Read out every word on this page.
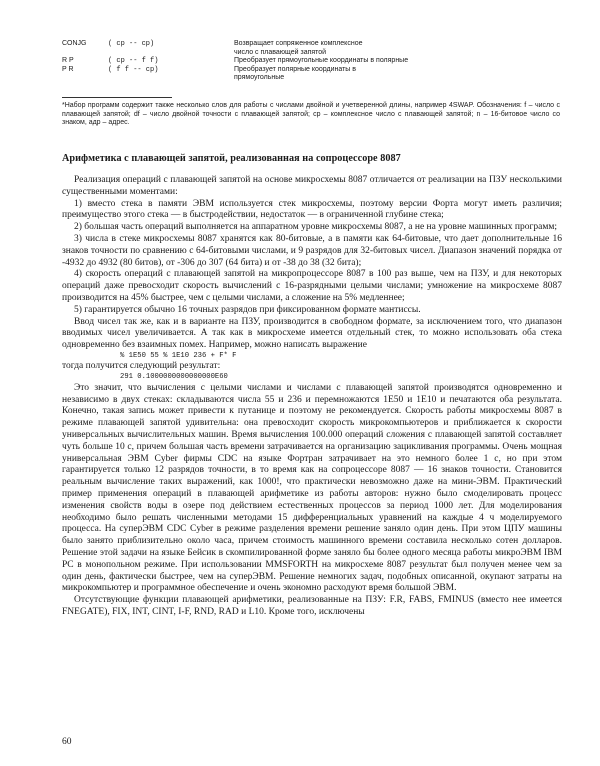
CONJG	( cp -- cp)	Возвращает сопряженное комплексное
число с плавающей запятой
R P	( cp -- f f)	Преобразует прямоугольные координаты в полярные
P R	( f f -- cp)	Преобразует полярные координаты в
прямоугольные
*Набор программ содержит также несколько слов для работы с числами двойной и учетверенной длины, например 4SWAP. Обозначения: f – число с плавающей запятой; df – число двойной точности с плавающей запятой; cp – комплексное число с плавающей запятой; n – 16-битовое число со знаком, адр – адрес.
Арифметика с плавающей запятой, реализованная на сопроцессоре 8087

Реализация операций с плавающей запятой на основе микросхемы 8087 отличается от реализации на ПЗУ несколькими существенными моментами:

1) вместо стека в памяти ЭВМ используется стек микросхемы, поэтому версии Форта могут иметь различия; преимущество этого стека — в быстродействии, недостаток — в ограниченной глубине стека;

2) большая часть операций выполняется на аппаратном уровне микросхемы 8087, а не на уровне машинных программ;

3) числа в стеке микросхемы 8087 хранятся как 80-битовые, а в памяти как 64-битовые, что дает дополнительные 16 знаков точности по сравнению с 64-битовыми числами, и 9 разрядов для 32-битовых чисел. Диапазон значений порядка от -4932 до 4932 (80 битов), от -306 до 307 (64 бита) и от -38 до 38 (32 бита);

4) скорость операций с плавающей запятой на микропроцессоре 8087 в 100 раз выше, чем на ПЗУ, и для некоторых операций даже превосходит скорость вычислений с 16-разрядными целыми числами; умножение на микросхеме 8087 производится на 45% быстрее, чем с целыми числами, а сложение на 5% медленнее;

5) гарантируется обычно 16 точных разрядов при фиксированном формате мантиссы.

Ввод чисел так же, как и в варианте на ПЗУ, производится в свободном формате, за исключением того, что диапазон вводимых чисел увеличивается. А так как в микросхеме имеется отдельный стек, то можно использовать оба стека одновременно без взаимных помех. Например, можно написать выражение

% 1E50 55 % 1E10 236 + F* F

тогда получится следующий результат:

291 0.1000000000000000E60

Это значит, что вычисления с целыми числами и числами с плавающей запятой производятся одновременно и независимо в двух стеках: складываются числа 55 и 236 и перемножаются 1E50 и 1E10 и печатаются оба результата. Конечно, такая запись может привести к путанице и поэтому не рекомендуется. Скорость работы микросхемы 8087 в режиме плавающей запятой удивительна: она превосходит скорость микрокомпьютеров и приближается к скорости универсальных вычислительных машин. Время вычисления 100.000 операций сложения с плавающей запятой составляет чуть больше 10 с, причем большая часть времени затрачивается на организацию зацикливания программы. Очень мощная универсальная ЭВМ Cyber фирмы CDC на языке Фортран затрачивает на это немного более 1 с, но при этом гарантируется только 12 разрядов точности, в то время как на сопроцессоре 8087 — 16 знаков точности. Становится реальным вычисление таких выражений, как 1000!, что практически невозможно даже на мини-ЭВМ. Практический пример применения операций в плавающей арифметике из работы авторов: нужно было смоделировать процесс изменения свойств воды в озере под действием естественных процессов за период 1000 лет. Для моделирования необходимо было решать численными методами 15 дифференциальных уравнений на каждые 4 ч моделируемого процесса. На суперЭВМ CDC Cyber в режиме разделения времени решение заняло один день. При этом ЦПУ машины было занято приблизительно около часа, причем стоимость машинного времени составила несколько сотен долларов. Решение этой задачи на языке Бейсик в скомпилированной форме заняло бы более одного месяца работы микроЭВМ IBM PC в монопольном режиме. При использовании MMSFORTH на микросхеме 8087 результат был получен менее чем за один день, фактически быстрее, чем на суперЭВМ. Решение немногих задач, подобных описанной, окупают затраты на микрокомпьютер и программное обеспечение и очень экономно расходуют время большой ЭВМ.

Отсутствующие функции плавающей арифметики, реализованные на ПЗУ: F.R, FABS, FMINUS (вместо нее имеется FNEGATE), FIX, INT, CINT, I-F, RND, RAD и L10. Кроме того, исключены

60
